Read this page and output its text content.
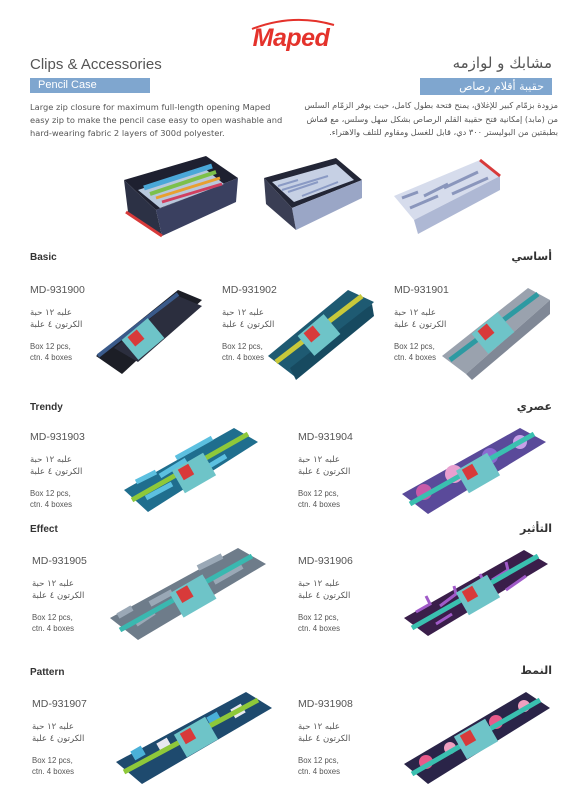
Maped
Clips & Accessories	مشابك و لوازمه
Pencil Case	حقيبة أقلام رصاص
Large zip closure for maximum full-length opening Maped easy zip to make the pencil case easy to open washable and hard-wearing fabric 2 layers of 300d polyester.
مزودة بزمّام كبير للإغلاق، يمنح فتحة بطول كامل، حيث يوفر الزمّام السلس من (مابد) إمكانية فتح حقيبة القلم الرصاص بشكل سهل وسلس، مع قماش بطبقتين من البوليستر ٣٠٠ دي، قابل للغسل ومقاوم للتلف والاهتراء.
Basic	أساسي
MD-931900
علبه ١٢ حبة
الكرتون ٤ علبة
Box 12 pcs,
ctn. 4 boxes
MD-931902
علبه ١٢ حبة
الكرتون ٤ علبة
Box 12 pcs,
ctn. 4 boxes
MD-931901
علبه ١٢ حبة
الكرتون ٤ علبة
Box 12 pcs,
ctn. 4 boxes
Trendy	عصري
MD-931903
علبه ١٢ حبة
الكرتون ٤ علبة
Box 12 pcs,
ctn. 4 boxes
MD-931904
علبه ١٢ حبة
الكرتون ٤ علبة
Box 12 pcs,
ctn. 4 boxes
Effect	التأثير
MD-931905
علبه ١٢ حبة
الكرتون ٤ علبة
Box 12 pcs,
ctn. 4 boxes
MD-931906
علبه ١٢ حبة
الكرتون ٤ علبة
Box 12 pcs,
ctn. 4 boxes
Pattern	النمط
MD-931907
علبه ١٢ حبة
الكرتون ٤ علبة
Box 12 pcs,
ctn. 4 boxes
MD-931908
علبه ١٢ حبة
الكرتون ٤ علبة
Box 12 pcs,
ctn. 4 boxes
